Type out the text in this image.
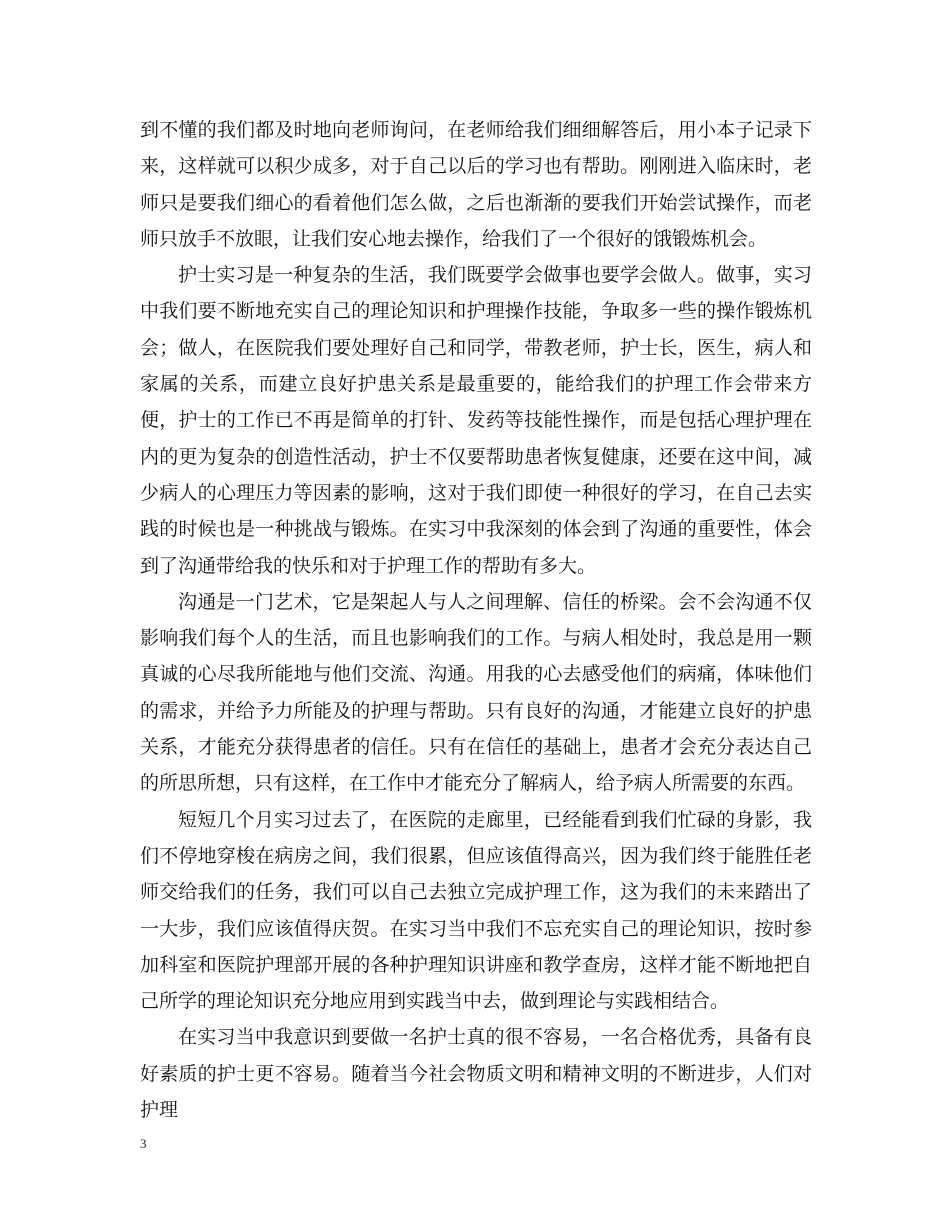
到不懂的我们都及时地向老师询问，在老师给我们细细解答后，用小本子记录下来，这样就可以积少成多，对于自己以后的学习也有帮助。刚刚进入临床时，老师只是要我们细心的看着他们怎么做，之后也渐渐的要我们开始尝试操作，而老师只放手不放眼，让我们安心地去操作，给我们了一个很好的饿锻炼机会。

护士实习是一种复杂的生活，我们既要学会做事也要学会做人。做事，实习中我们要不断地充实自己的理论知识和护理操作技能，争取多一些的操作锻炼机会；做人，在医院我们要处理好自己和同学，带教老师，护士长，医生，病人和家属的关系，而建立良好护患关系是最重要的，能给我们的护理工作会带来方便，护士的工作已不再是简单的打针、发药等技能性操作，而是包括心理护理在内的更为复杂的创造性活动，护士不仅要帮助患者恢复健康，还要在这中间，减少病人的心理压力等因素的影响，这对于我们即使一种很好的学习，在自己去实践的时候也是一种挑战与锻炼。在实习中我深刻的体会到了沟通的重要性，体会到了沟通带给我的快乐和对于护理工作的帮助有多大。

沟通是一门艺术，它是架起人与人之间理解、信任的桥梁。会不会沟通不仅影响我们每个人的生活，而且也影响我们的工作。与病人相处时，我总是用一颗真诚的心尽我所能地与他们交流、沟通。用我的心去感受他们的病痛，体味他们的需求，并给予力所能及的护理与帮助。只有良好的沟通，才能建立良好的护患关系，才能充分获得患者的信任。只有在信任的基础上，患者才会充分表达自己的所思所想，只有这样，在工作中才能充分了解病人，给予病人所需要的东西。

短短几个月实习过去了，在医院的走廊里，已经能看到我们忙碌的身影，我们不停地穿梭在病房之间，我们很累，但应该值得高兴，因为我们终于能胜任老师交给我们的任务，我们可以自己去独立完成护理工作，这为我们的未来踏出了一大步，我们应该值得庆贺。在实习当中我们不忘充实自己的理论知识，按时参加科室和医院护理部开展的各种护理知识讲座和教学查房，这样才能不断地把自己所学的理论知识充分地应用到实践当中去，做到理论与实践相结合。

在实习当中我意识到要做一名护士真的很不容易，一名合格优秀，具备有良好素质的护士更不容易。随着当今社会物质文明和精神文明的不断进步，人们对护理

3
